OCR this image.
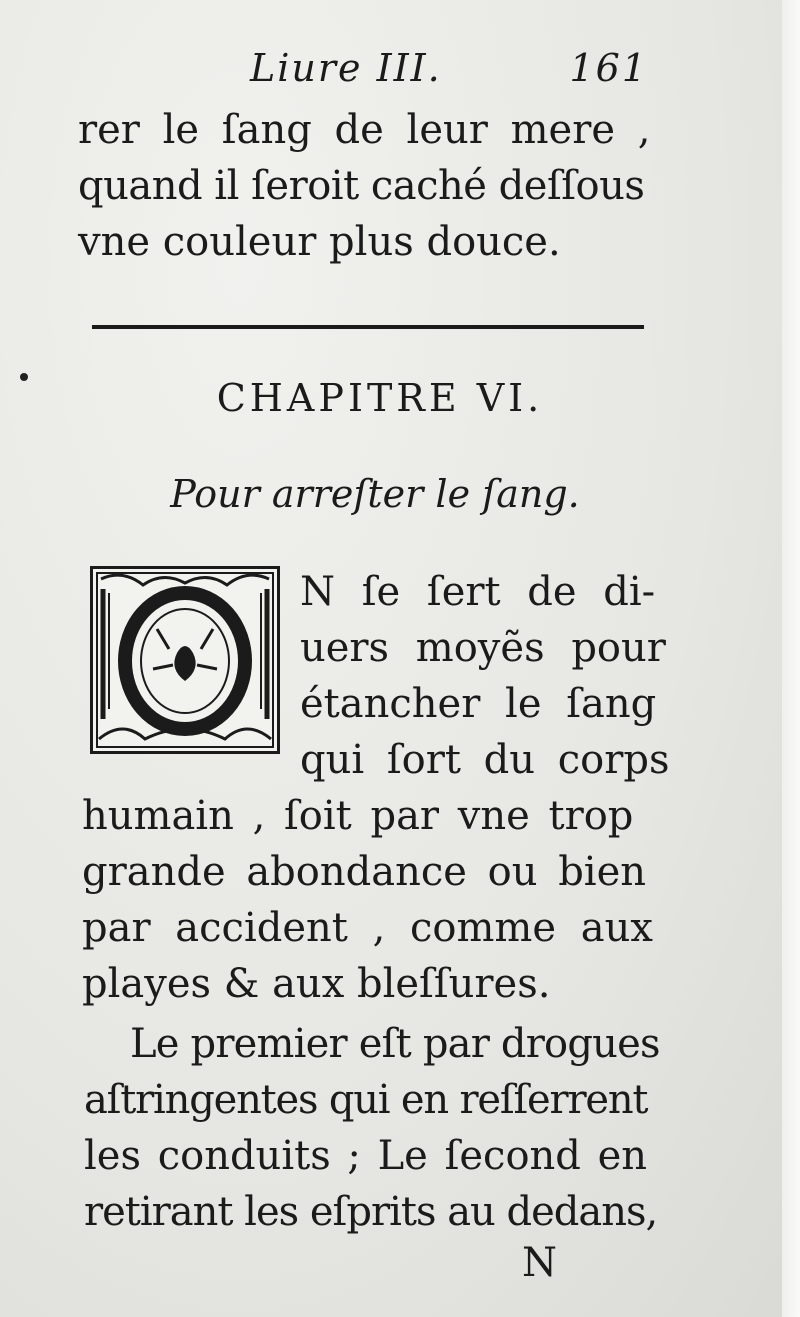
Liure III.	161
rer le ſang de leur mere ,
quand il ſeroit caché deſſous
vne couleur plus douce.
CHAPITRE VI.
Pour arreſter le ſang.
N ſe ſert de di-
uers moyẽs pour
étancher le ſang
qui ſort du corps
humain , ſoit par vne trop
grande abondance ou bien
par accident , comme aux
playes & aux bleſſures.
Le premier eſt par drogues
aſtringentes qui en reſſerrent
les conduits ; Le ſecond en
retirant les eſprits au dedans,
N
